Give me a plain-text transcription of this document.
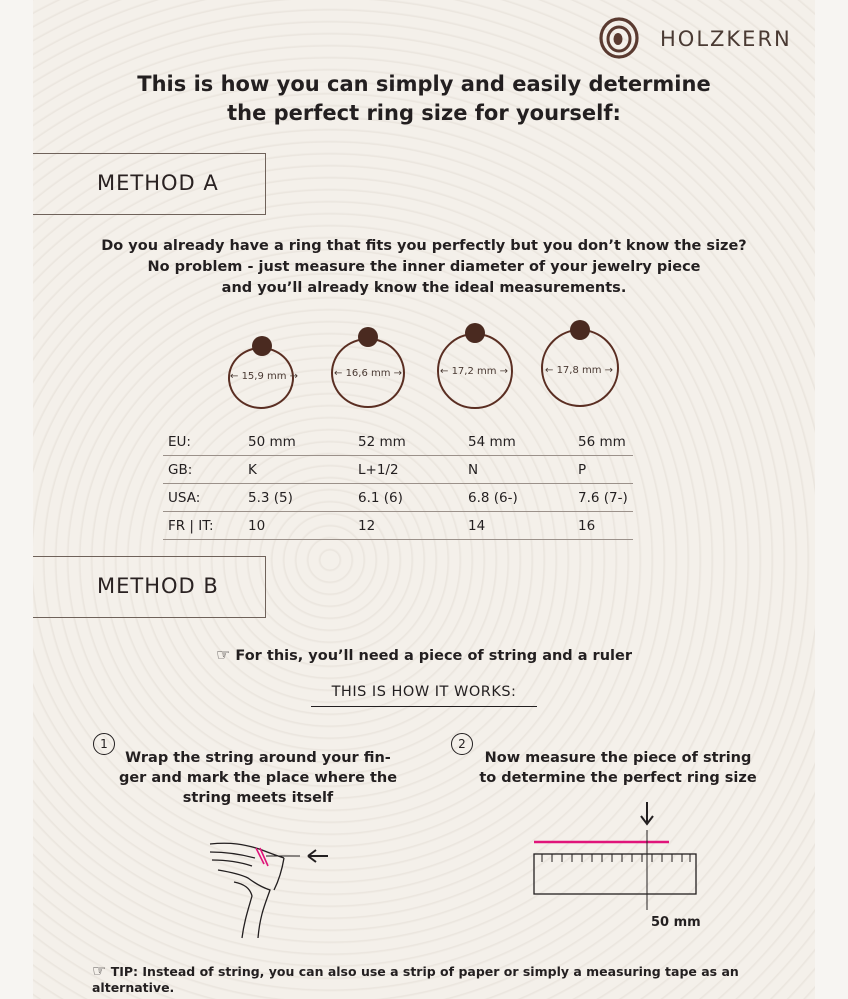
HOLZKERN
This is how you can simply and easily determine
the perfect ring size for yourself:
METHOD A
Do you already have a ring that fits you perfectly but you don’t know the size?
No problem - just measure the inner diameter of your jewelry piece
and you’ll already know the ideal measurements.
← 15,9 mm →	← 16,6 mm →	← 17,2 mm →	← 17,8 mm →
EU:	50 mm	52 mm	54 mm	56 mm
GB:	K	L+1/2	N	P
USA:	5.3 (5)	6.1 (6)	6.8 (6-)	7.6 (7-)
FR | IT:	10	12	14	16
METHOD B
☞ For this, you’ll need a piece of string and a ruler
THIS IS HOW IT WORKS:
1
Wrap the string around your fin- ger and mark the place where the string meets itself
2
Now measure the piece of string to determine the perfect ring size
50 mm
☞ TIP: Instead of string, you can also use a strip of paper or simply a measuring tape as an alternative.
